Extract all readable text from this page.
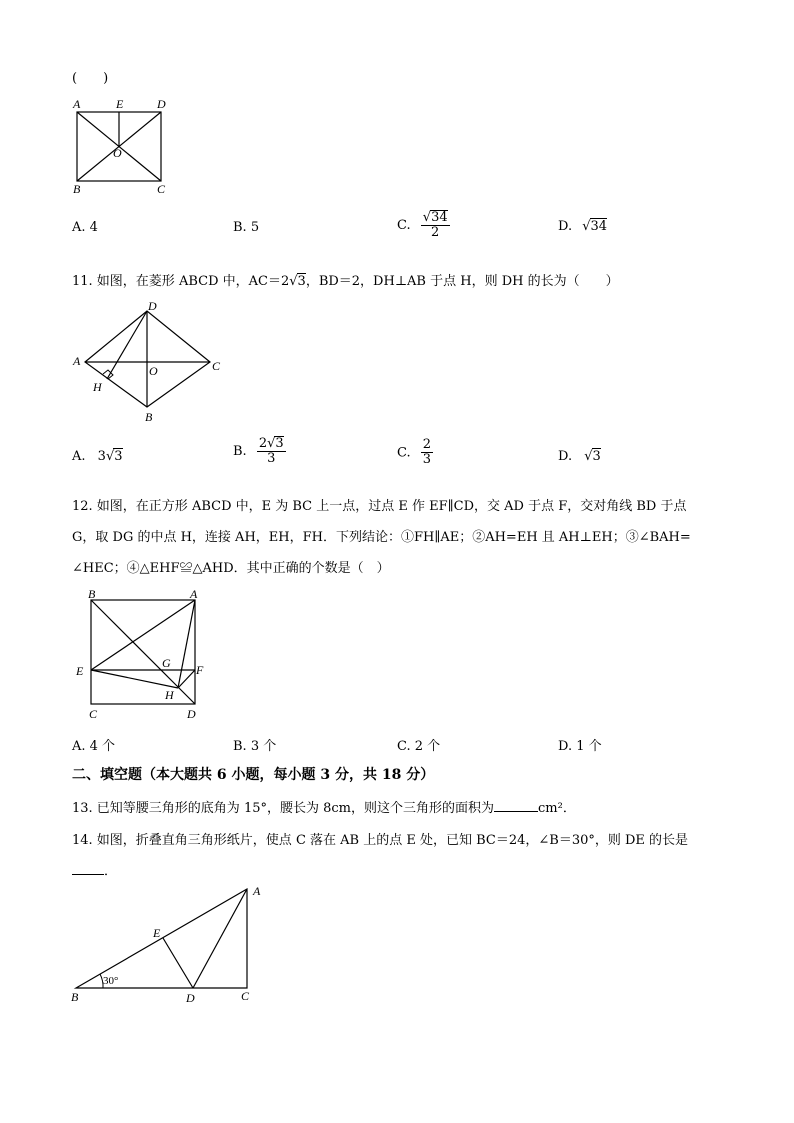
(　　)
A	E	D
O
B	C
A. 4	B. 5	C. $\frac{√34}{2}$	D. √34
11. 如图，在菱形 ABCD 中，AC＝2√3，BD＝2，DH⊥AB 于点 H，则 DH 的长为（　　）
A
D
C
O
H
B
A. 3√3	B. $\frac{2√3}{3}$	C. $\frac{2}{3}$	D. √3
12. 如图，在正方形 ABCD 中，E 为 BC 上一点，过点 E 作 EF∥CD，交 AD 于点 F，交对角线 BD 于点
G，取 DG 的中点 H，连接 AH，EH，FH．下列结论：①FH∥AE；②AH=EH 且 AH⊥EH；③∠BAH=
∠HEC；④△EHF≌△AHD．其中正确的个数是（　）
B	A
E
G F
H
C	D
A. 4 个	B. 3 个	C. 2 个	D. 1 个
二、填空题（本大题共 6 小题，每小题 3 分，共 18 分）
13. 已知等腰三角形的底角为 15°，腰长为 8cm，则这个三角形的面积为	cm²．
14. 如图，折叠直角三角形纸片，使点 C 落在 AB 上的点 E 处，已知 BC＝24，∠B＝30°，则 DE 的长是
．
A
E
B	D	C
30°
